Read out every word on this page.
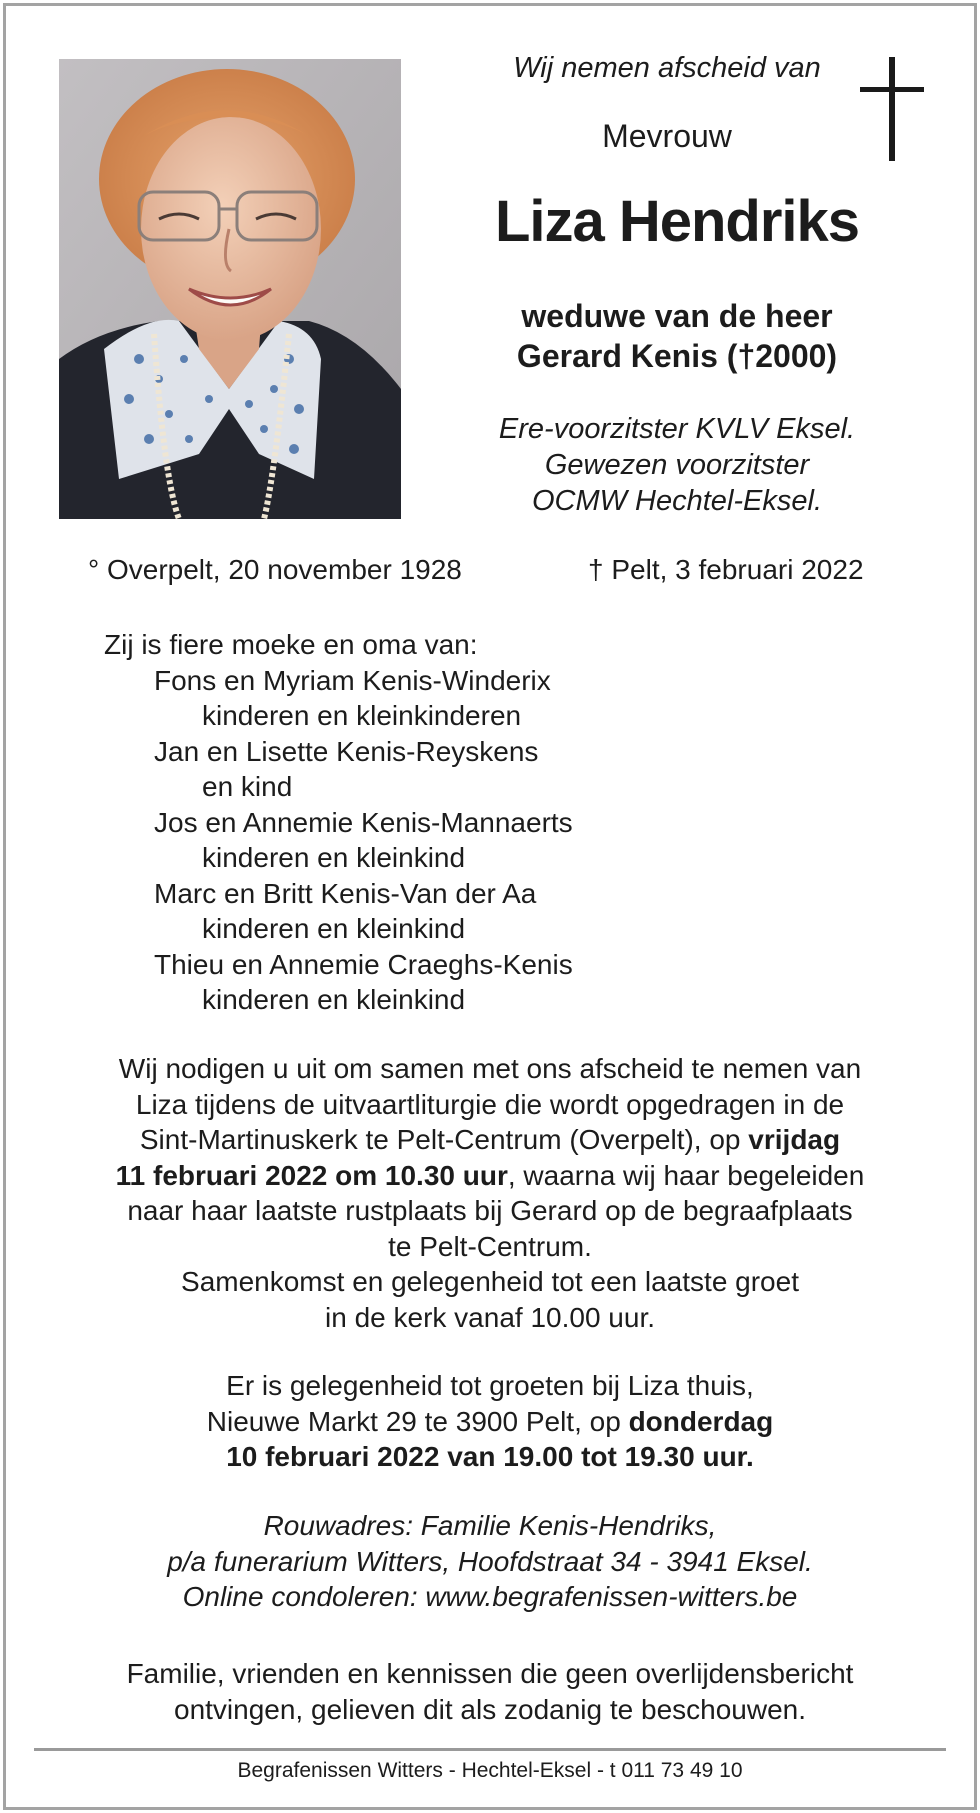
Wij nemen afscheid van
Mevrouw
Liza Hendriks
weduwe van de heer
Gerard Kenis (†2000)
Ere-voorzitster KVLV Eksel.
Gewezen voorzitster
OCMW Hechtel-Eksel.
° Overpelt, 20 november 1928	† Pelt, 3 februari 2022
Zij is fiere moeke en oma van:
Fons en Myriam Kenis-Winderix
kinderen en kleinkinderen
Jan en Lisette Kenis-Reyskens
en kind
Jos en Annemie Kenis-Mannaerts
kinderen en kleinkind
Marc en Britt Kenis-Van der Aa
kinderen en kleinkind
Thieu en Annemie Craeghs-Kenis
kinderen en kleinkind
Wij nodigen u uit om samen met ons afscheid te nemen van
Liza tijdens de uitvaartliturgie die wordt opgedragen in de
Sint-Martinuskerk te Pelt-Centrum (Overpelt), op vrijdag
11 februari 2022 om 10.30 uur, waarna wij haar begeleiden
naar haar laatste rustplaats bij Gerard op de begraafplaats
te Pelt-Centrum.
Samenkomst en gelegenheid tot een laatste groet
in de kerk vanaf 10.00 uur.
Er is gelegenheid tot groeten bij Liza thuis,
Nieuwe Markt 29 te 3900 Pelt, op donderdag
10 februari 2022 van 19.00 tot 19.30 uur.
Rouwadres: Familie Kenis-Hendriks,
p/a funerarium Witters, Hoofdstraat 34 - 3941 Eksel.
Online condoleren: www.begrafenissen-witters.be
Familie, vrienden en kennissen die geen overlijdensbericht
ontvingen, gelieven dit als zodanig te beschouwen.
Begrafenissen Witters - Hechtel-Eksel - t 011 73 49 10
